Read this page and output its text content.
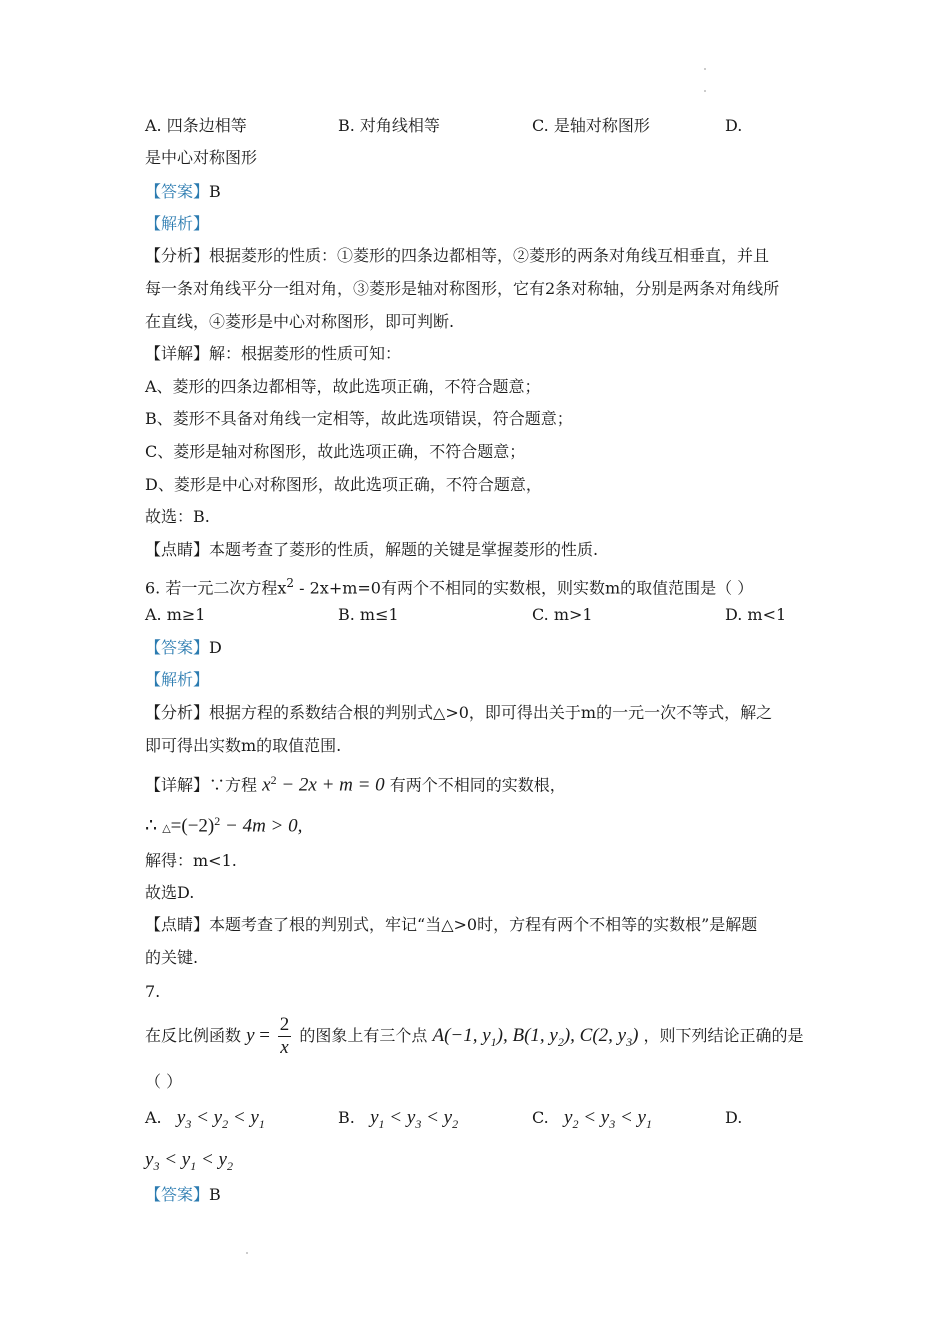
A. 四条边相等	B. 对角线相等	C. 是轴对称图形	D.
是中心对称图形
【答案】B
【解析】
【分析】根据菱形的性质：①菱形的四条边都相等，②菱形的两条对角线互相垂直，并且
每一条对角线平分一组对角，③菱形是轴对称图形，它有2条对称轴，分别是两条对角线所
在直线，④菱形是中心对称图形，即可判断.
【详解】解：根据菱形的性质可知：
A、菱形的四条边都相等，故此选项正确，不符合题意；
B、菱形不具备对角线一定相等，故此选项错误，符合题意；
C、菱形是轴对称图形，故此选项正确，不符合题意；
D、菱形是中心对称图形，故此选项正确，不符合题意，
故选：B.
【点睛】本题考查了菱形的性质，解题的关键是掌握菱形的性质.
6. 若一元二次方程$x^2 - 2x+m=0$有两个不相同的实数根，则实数m的取值范围是（ ）
A. m≥1	B. m≤1	C. m>1	D. m<1
【答案】D
【解析】
【分析】根据方程的系数结合根的判别式△>0，即可得出关于m的一元一次不等式，解之
即可得出实数m的取值范围.
【详解】∵方程 $x^2 - 2x + m = 0$ 有两个不相同的实数根，
∴ $\triangle=(-2)^2 - 4m > 0$,
解得：m<1.
故选D.
【点睛】本题考查了根的判别式，牢记“当△>0时，方程有两个不相等的实数根”是解题
的关键.
7.
在反比例函数 $y = \frac{2}{x}$ 的图象上有三个点 A(−1, $y_1$), B(1, $y_2$), C(2, $y_3$) ，则下列结论正确的是
（ ）
A. $y_3 < y_2 < y_1$	B. $y_1 < y_3 < y_2$	C. $y_2 < y_3 < y_1$	D.
$y_3 < y_1 < y_2$
【答案】B
